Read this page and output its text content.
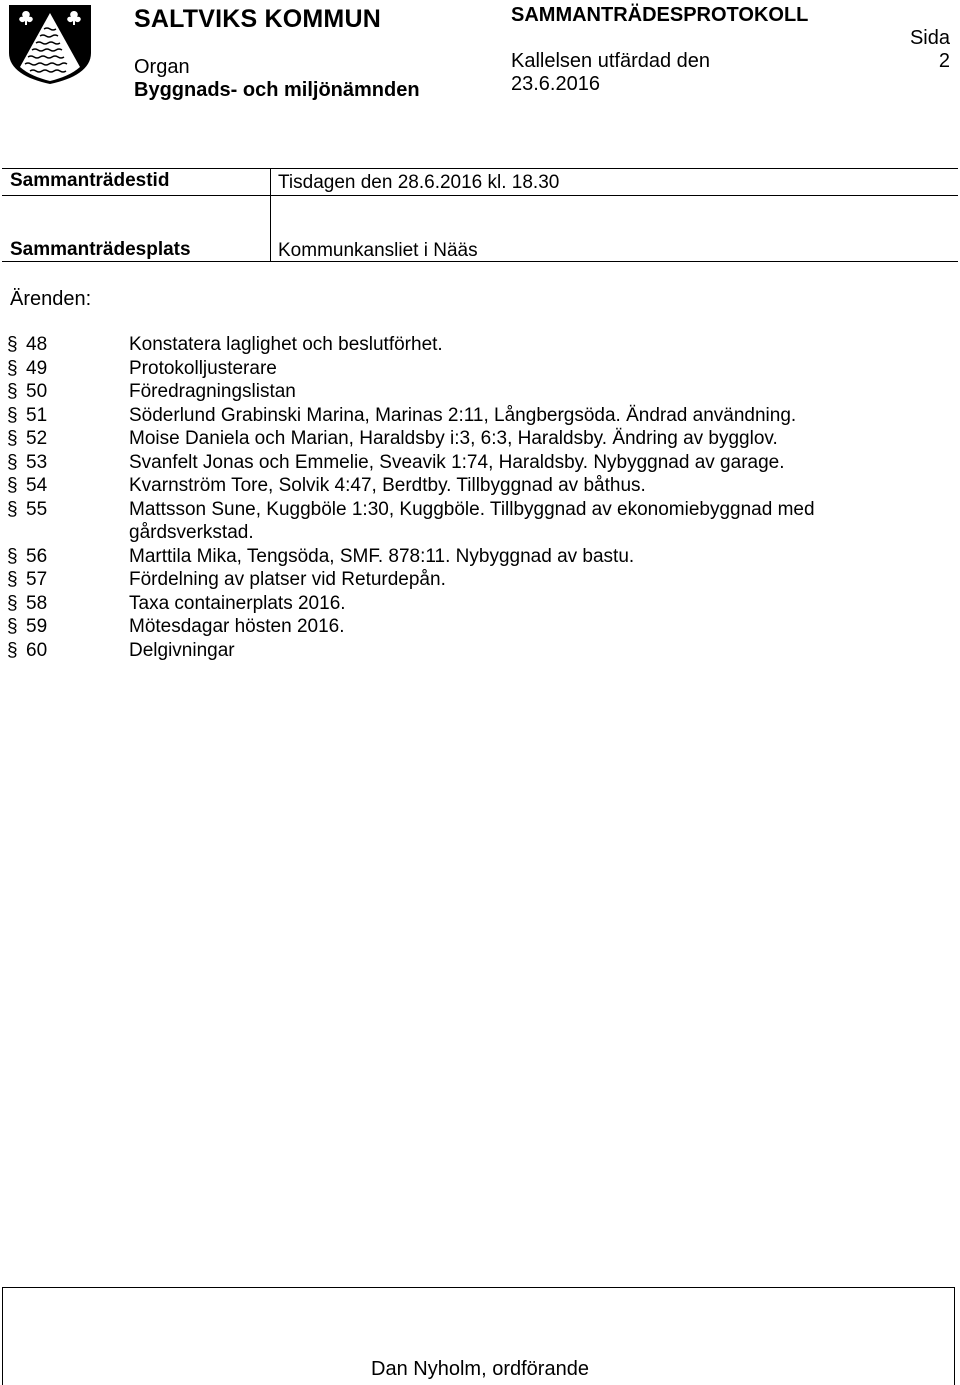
SALTVIKS KOMMUN
Organ
Byggnads- och miljönämnden
SAMMANTRÄDESPROTOKOLL
Kallelsen utfärdad den
23.6.2016
Sida
2
Sammanträdestid	Tisdagen den 28.6.2016 kl. 18.30
Sammanträdesplats	Kommunkansliet i Nääs
Ärenden:
§ 48	Konstatera laglighet och beslutförhet.
§ 49	Protokolljusterare
§ 50	Föredragningslistan
§ 51	Söderlund Grabinski Marina, Marinas 2:11, Långbergsöda. Ändrad användning.
§ 52	Moise Daniela och Marian, Haraldsby i:3, 6:3, Haraldsby. Ändring av bygglov.
§ 53	Svanfelt Jonas och Emmelie, Sveavik 1:74, Haraldsby. Nybyggnad av garage.
§ 54	Kvarnström Tore, Solvik 4:47, Berdtby. Tillbyggnad av båthus.
§ 55	Mattsson Sune, Kuggböle 1:30, Kuggböle. Tillbyggnad av ekonomiebyggnad med gårdsverkstad.
§ 56	Marttila Mika, Tengsöda, SMF. 878:11. Nybyggnad av bastu.
§ 57	Fördelning av platser vid Returdepån.
§ 58	Taxa containerplats 2016.
§ 59	Mötesdagar hösten 2016.
§ 60	Delgivningar
Dan Nyholm, ordförande
